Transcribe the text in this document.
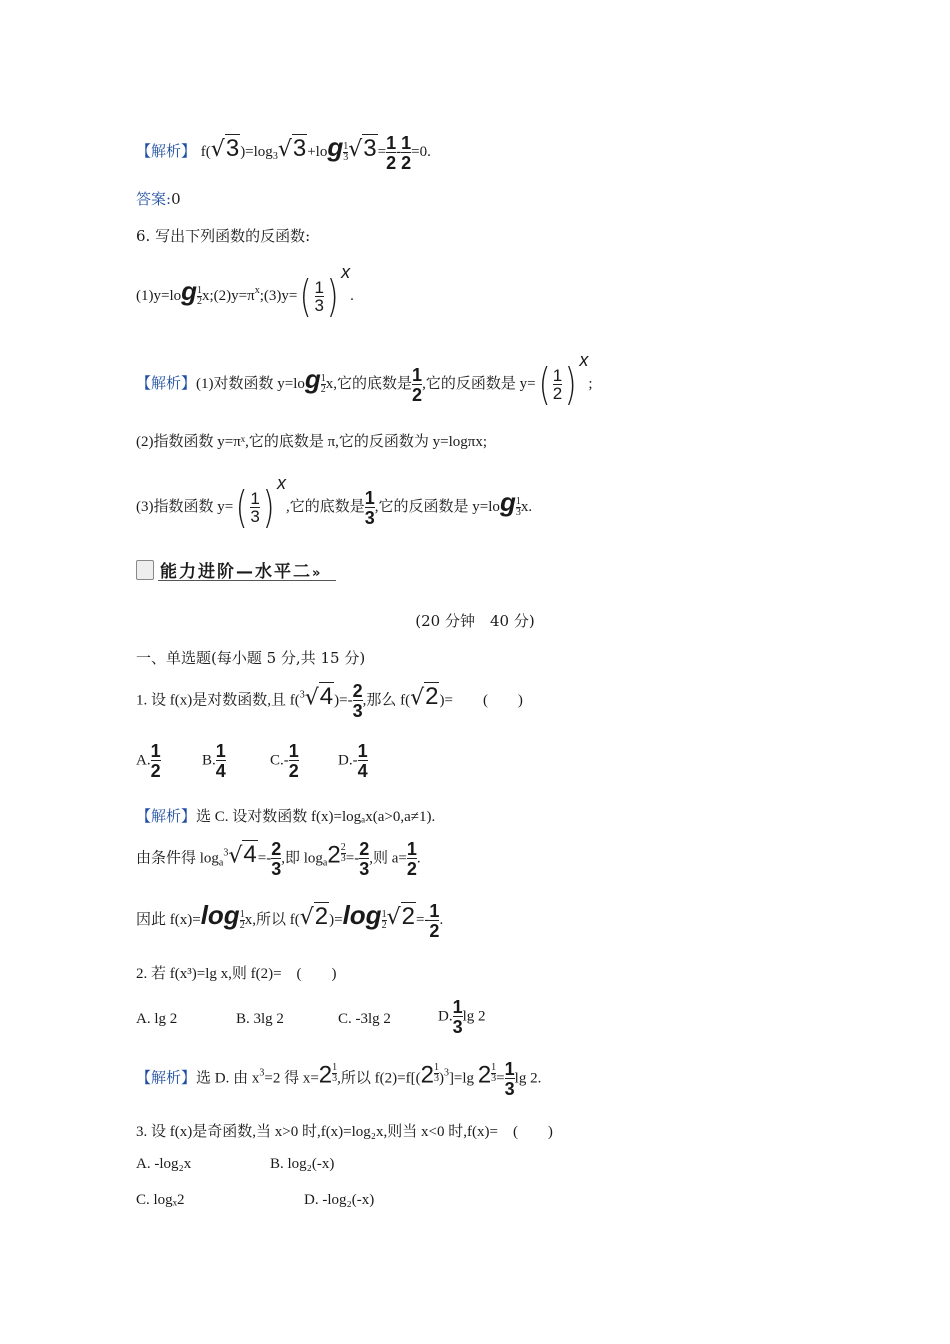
【解析】 $f(√3)=\log_3√3+\log \frac{1}{3} √3= \frac{1}{2} - \frac{1}{2} =0$.
答案:0
6. 写出下列函数的反函数:
$(1)y=\log \frac{1}{2}$ $x;(2)y=\pi^x;(3)y=( \frac{1}{3}$ ) x.
【解析】(1)对数函数 $y=\log \frac{1}{2} x$,它的底数是 $\frac{1}{2}$ ,它的反函数是 $y=( \frac{1}{2}$ ) x;
(2)指数函数 y=πˣ,它的底数是 π,它的反函数为 y=logπx;
(3)指数函数 $y=( \frac{1}{3}$ ) x,它的底数是 $\frac{1}{3}$ ,它的反函数是 $y=\log \frac{1}{3} x$.
能力进阶—水平二»
(20 分钟　40 分)
一、单选题(每小题 5 分,共 15 分)
1. 设 f(x)是对数函数,且 $f(^3√4)=- \frac{2}{3}$ ,那么 f(√2)=　　(　　)
A. $\frac{1}{2}$	B. $\frac{1}{4}$	$C.- \frac{1}{2}$	$D.- \frac{1}{4}$
【解析】选 C. 设对数函数 f(x)=logₐx(a>0,a≠1).
由条件得 $\log_a^3√4=- \frac{2}{3}$ ,即 $\log_a2$ $^{\frac{2}{3}} =- \frac{2}{3}$ ,则 $a= \frac{1}{2}$ .
因此 $f(x)=\log \frac{1}{2} x$,所以 $f(√2)=\log \frac{1}{2} √2=- \frac{1}{2}$ .
2. 若 f(x³)=lg x,则 f(2)=　(　　)
A. lg 2	B. 3lg 2	C. -3lg 2	D. $\frac{1}{3}$ lg 2
【解析】选 D. 由 $x^3=2$ 得 x=2 $^{\frac{1}{3}}$ ,所以 f(2)=f[(2 $^{\frac{1}{3}}$ )$^3$]=lg 2 $^{\frac{1}{3}} = \frac{1}{3}$ lg 2.
3. 设 f(x)是奇函数,当 x>0 时,f(x)=log₂x,则当 x<0 时,f(x)=　(　　)
A. -log₂x	B. log₂(-x)
C. logₓ2	D. -log₂(-x)
